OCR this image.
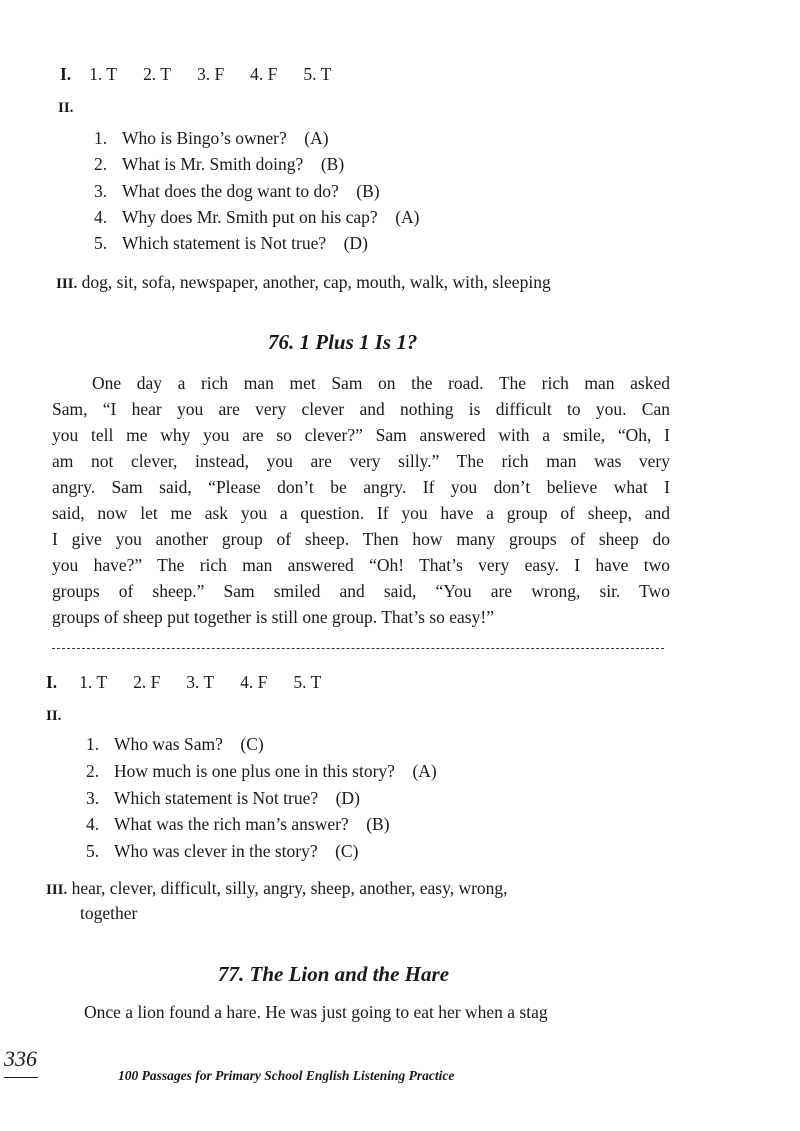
I. 1. T 2. T 3. F 4. F 5. T
II.
1. Who is Bingo’s owner? (A)
2. What is Mr. Smith doing? (B)
3. What does the dog want to do? (B)
4. Why does Mr. Smith put on his cap? (A)
5. Which statement is Not true? (D)
III. dog, sit, sofa, newspaper, another, cap, mouth, walk, with, sleeping
76. 1 Plus 1 Is 1?
One day a rich man met Sam on the road. The rich man asked
Sam, “I hear you are very clever and nothing is difficult to you. Can
you tell me why you are so clever?” Sam answered with a smile, “Oh, I
am not clever, instead, you are very silly.” The rich man was very
angry. Sam said, “Please don’t be angry. If you don’t believe what I
said, now let me ask you a question. If you have a group of sheep, and
I give you another group of sheep. Then how many groups of sheep do
you have?” The rich man answered “Oh! That’s very easy. I have two
groups of sheep.” Sam smiled and said, “You are wrong, sir. Two
groups of sheep put together is still one group. That’s so easy!”
I. 1. T 2. F 3. T 4. F 5. T
II.
1. Who was Sam? (C)
2. How much is one plus one in this story? (A)
3. Which statement is Not true? (D)
4. What was the rich man’s answer? (B)
5. Who was clever in the story? (C)
III. hear, clever, difficult, silly, angry, sheep, another, easy, wrong,
together
77. The Lion and the Hare
Once a lion found a hare. He was just going to eat her when a stag
336
100 Passages for Primary School English Listening Practice
